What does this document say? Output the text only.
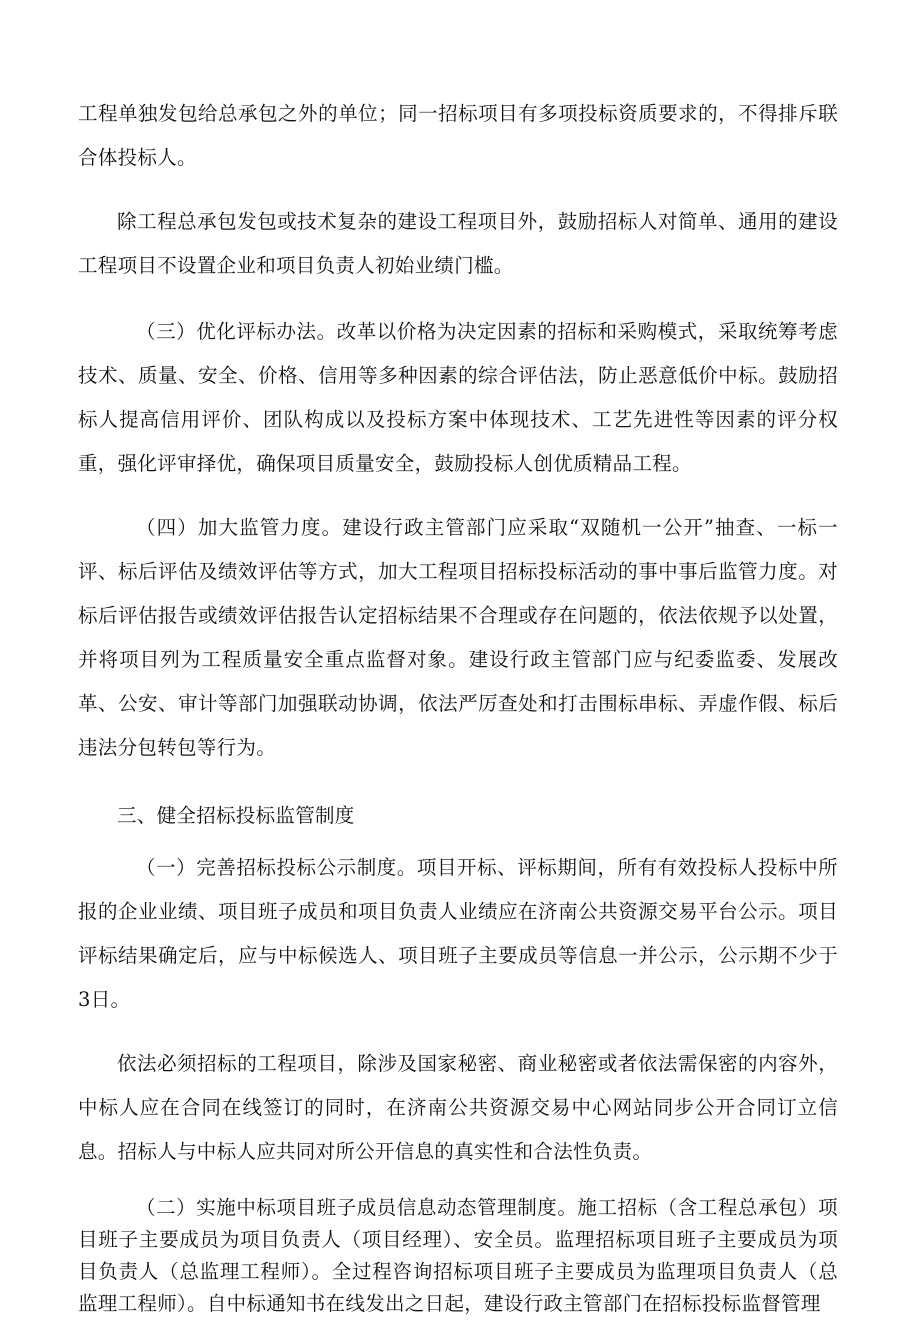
工程单独发包给总承包之外的单位；同一招标项目有多项投标资质要求的，不得排斥联合体投标人。

除工程总承包发包或技术复杂的建设工程项目外，鼓励招标人对简单、通用的建设工程项目不设置企业和项目负责人初始业绩门槛。

（三）优化评标办法。改革以价格为决定因素的招标和采购模式，采取统筹考虑技术、质量、安全、价格、信用等多种因素的综合评估法，防止恶意低价中标。鼓励招标人提高信用评价、团队构成以及投标方案中体现技术、工艺先进性等因素的评分权重，强化评审择优，确保项目质量安全，鼓励投标人创优质精品工程。

（四）加大监管力度。建设行政主管部门应采取“双随机一公开”抽查、一标一评、标后评估及绩效评估等方式，加大工程项目招标投标活动的事中事后监管力度。对标后评估报告或绩效评估报告认定招标结果不合理或存在问题的，依法依规予以处置，并将项目列为工程质量安全重点监督对象。建设行政主管部门应与纪委监委、发展改革、公安、审计等部门加强联动协调，依法严厉查处和打击围标串标、弄虚作假、标后违法分包转包等行为。

三、健全招标投标监管制度

（一）完善招标投标公示制度。项目开标、评标期间，所有有效投标人投标中所报的企业业绩、项目班子成员和项目负责人业绩应在济南公共资源交易平台公示。项目评标结果确定后，应与中标候选人、项目班子主要成员等信息一并公示，公示期不少于3日。

依法必须招标的工程项目，除涉及国家秘密、商业秘密或者依法需保密的内容外，中标人应在合同在线签订的同时，在济南公共资源交易中心网站同步公开合同订立信息。招标人与中标人应共同对所公开信息的真实性和合法性负责。

（二）实施中标项目班子成员信息动态管理制度。施工招标（含工程总承包）项目班子主要成员为项目负责人（项目经理）、安全员。监理招标项目班子主要成员为项目负责人（总监理工程师）。全过程咨询招标项目班子主要成员为监理项目负责人（总监理工程师）。自中标通知书在线发出之日起，建设行政主管部门在招标投标监督管理
